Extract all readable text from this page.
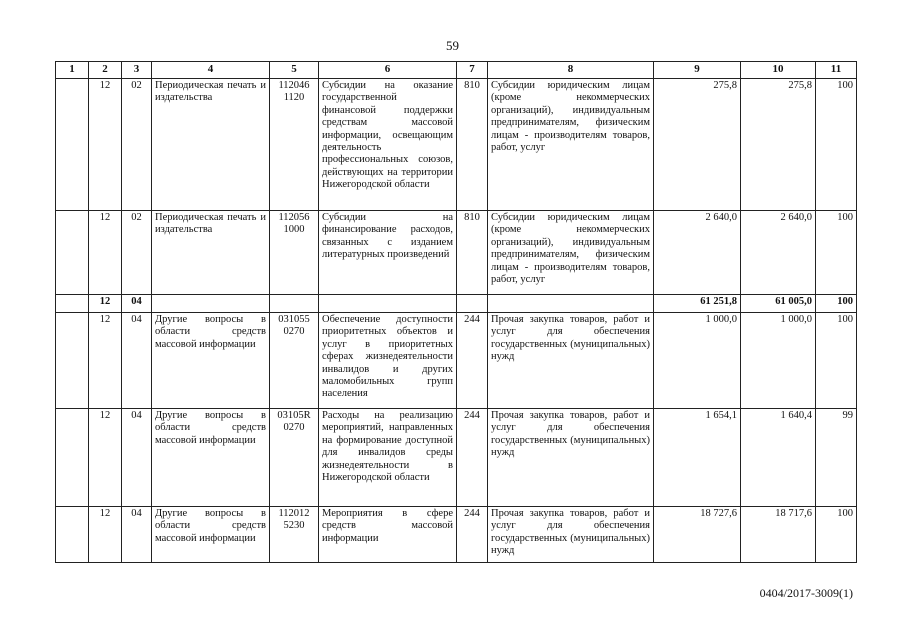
59
1	2	3	4	5	6	7	8	9	10	11
	12	02	Периодическая печать и издательства	112046 1120	Субсидии на оказание государственной финансовой поддержки средствам массовой информации, освещающим деятельность профессиональных союзов, действующих на территории Нижегородской области	810	Субсидии юридическим лицам (кроме некоммерческих организаций), индивидуальным предпринимателям, физическим лицам - производителям товаров, работ, услуг	275,8	275,8	100
	12	02	Периодическая печать и издательства	112056 1000	Субсидии на финансирование расходов, связанных с изданием литературных произведений	810	Субсидии юридическим лицам (кроме некоммерческих организаций), индивидуальным предпринимателям, физическим лицам - производителям товаров, работ, услуг	2 640,0	2 640,0	100
	12	04						61 251,8	61 005,0	100
	12	04	Другие вопросы в области средств массовой информации	031055 0270	Обеспечение доступности приоритетных объектов и услуг в приоритетных сферах жизнедеятельности инвалидов и других маломобильных групп населения	244	Прочая закупка товаров, работ и услуг для обеспечения государственных (муниципальных) нужд	1 000,0	1 000,0	100
	12	04	Другие вопросы в области средств массовой информации	03105R 0270	Расходы на реализацию мероприятий, направленных на формирование доступной для инвалидов среды жизнедеятельности в Нижегородской области	244	Прочая закупка товаров, работ и услуг для обеспечения государственных (муниципальных) нужд	1 654,1	1 640,4	99
	12	04	Другие вопросы в области средств массовой информации	112012 5230	Мероприятия в сфере средств массовой информации	244	Прочая закупка товаров, работ и услуг для обеспечения государственных (муниципальных) нужд	18 727,6	18 717,6	100
0404/2017-3009(1)
